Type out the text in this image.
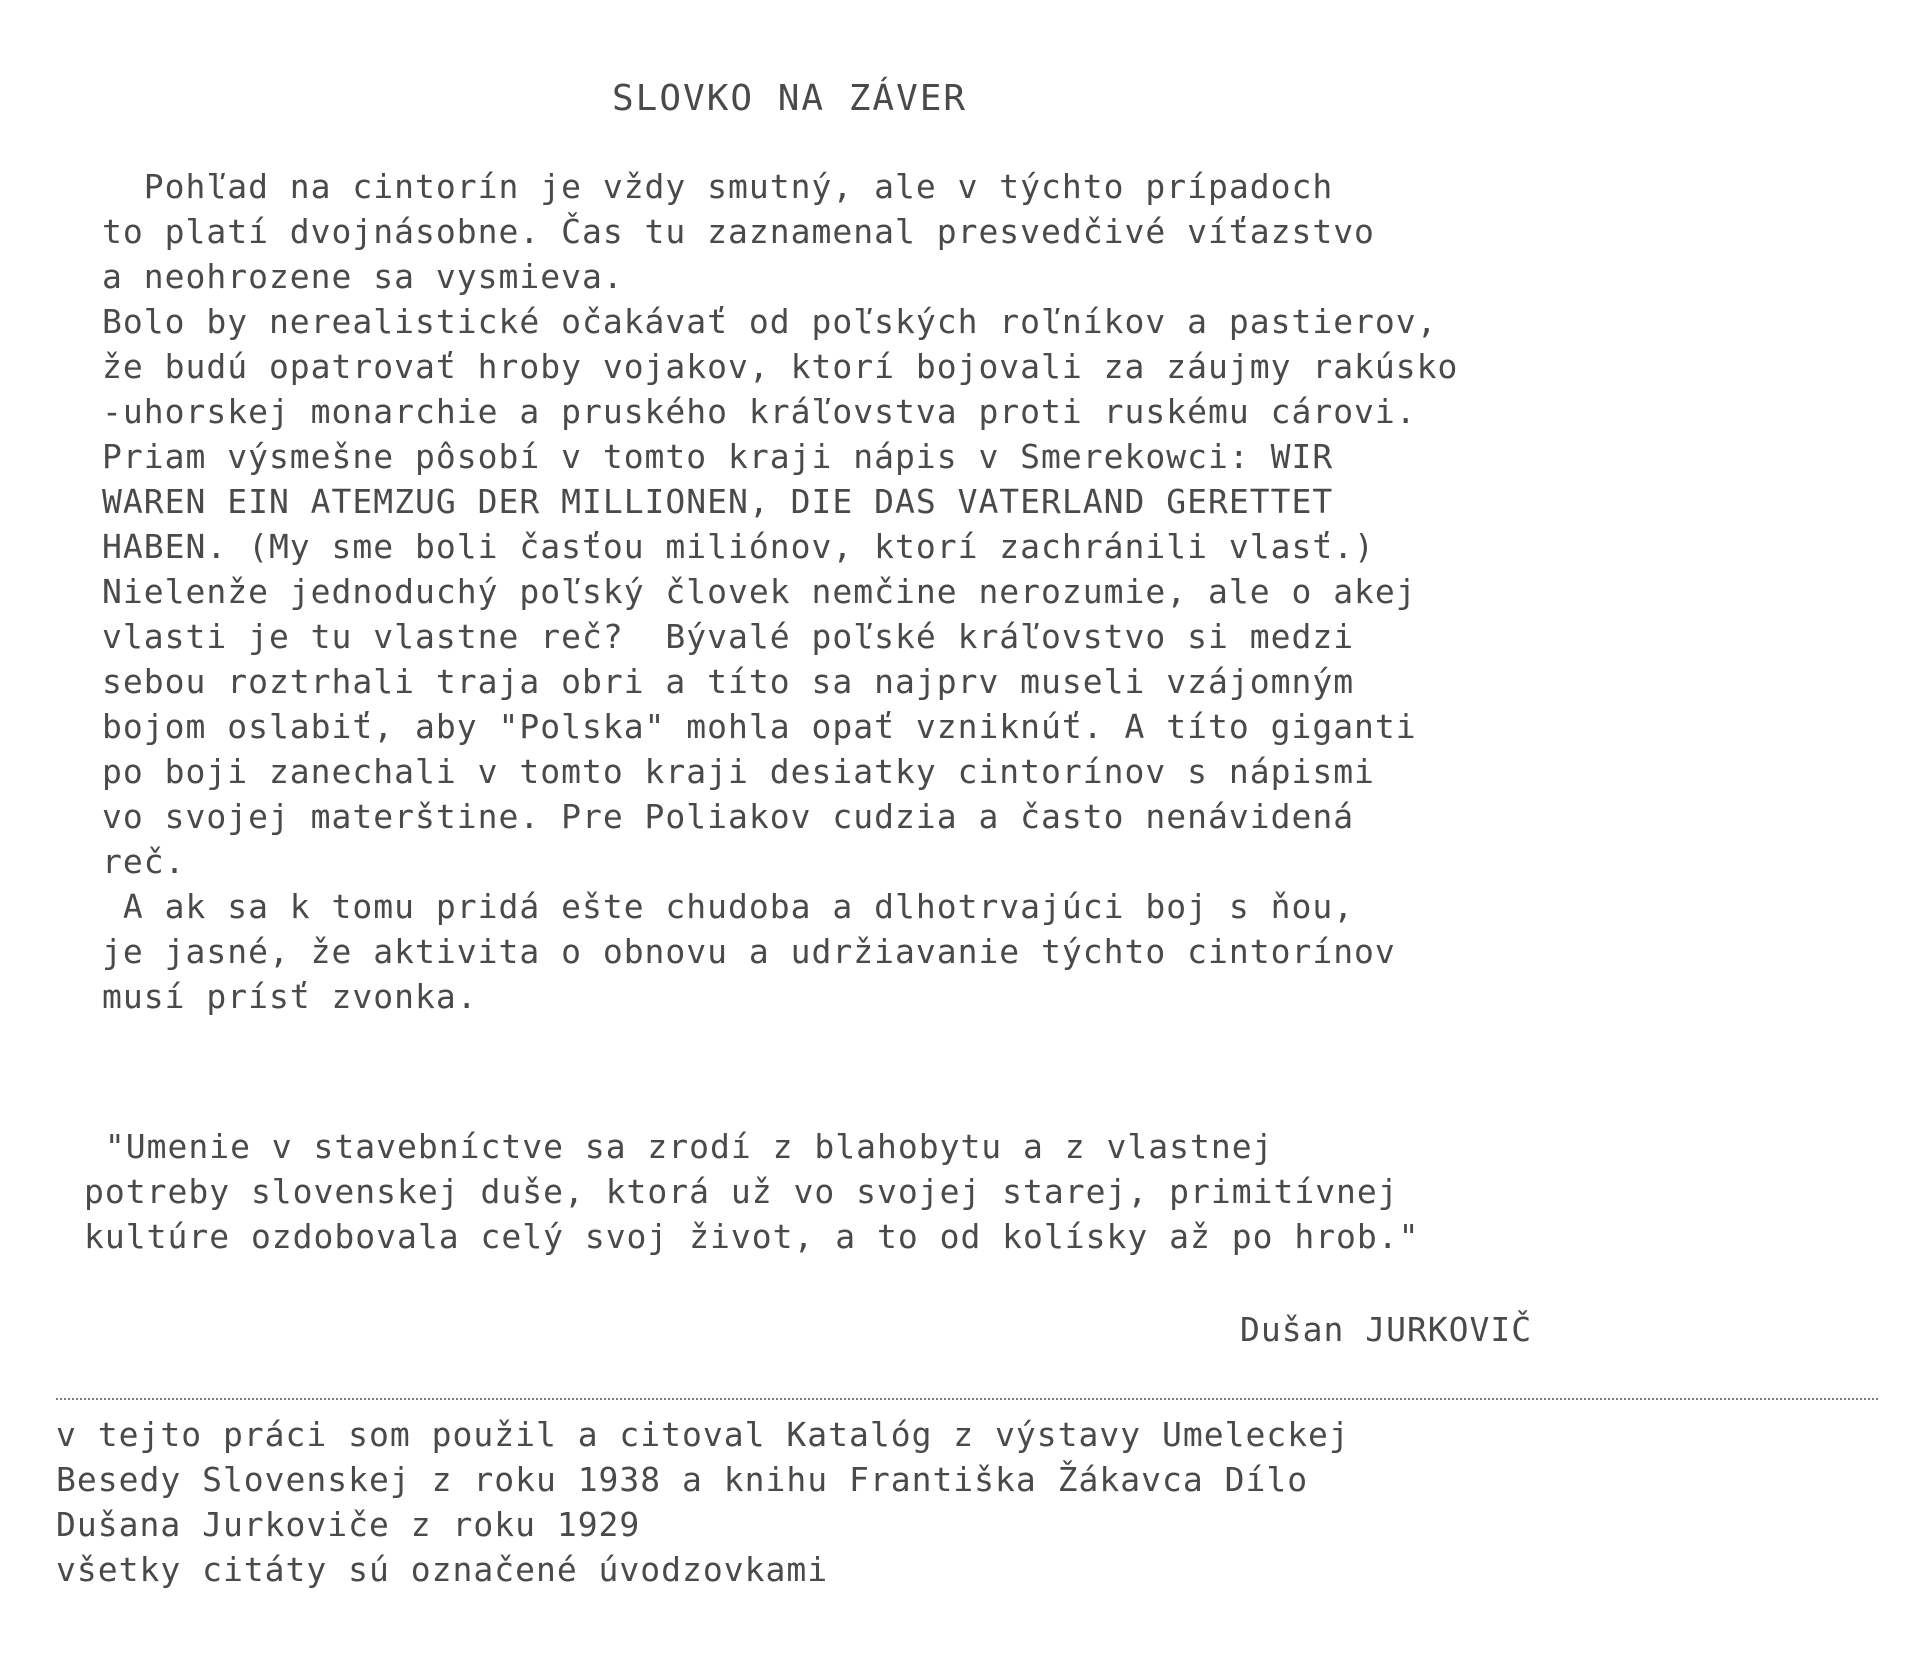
SLOVKO NA ZÁVER
Pohľad na cintorín je vždy smutný, ale v týchto prípadoch
to platí dvojnásobne. Čas tu zaznamenal presvedčivé víťazstvo
a neohrozene sa vysmieva.
Bolo by nerealistické očakávať od poľských roľníkov a pastierov,
že budú opatrovať hroby vojakov, ktorí bojovali za záujmy rakúsko
-uhorskej monarchie a pruského kráľovstva proti ruskému cárovi.
Priam výsmešne pôsobí v tomto kraji nápis v Smerekowci: WIR
WAREN EIN ATEMZUG DER MILLIONEN, DIE DAS VATERLAND GERETTET
HABEN. (My sme boli časťou miliónov, ktorí zachránili vlasť.)
Nielenže jednoduchý poľský človek nemčine nerozumie, ale o akej
vlasti je tu vlastne reč?  Bývalé poľské kráľovstvo si medzi
sebou roztrhali traja obri a títo sa najprv museli vzájomným
bojom oslabiť, aby "Polska" mohla opať vzniknúť. A títo giganti
po boji zanechali v tomto kraji desiatky cintorínov s nápismi
vo svojej materštine. Pre Poliakov cudzia a často nenávidená
reč.
A ak sa k tomu pridá ešte chudoba a dlhotrvajúci boj s ňou,
je jasné, že aktivita o obnovu a udržiavanie týchto cintorínov
musí prísť zvonka.
"Umenie v stavebníctve sa zrodí z blahobytu a z vlastnej
potreby slovenskej duše, ktorá už vo svojej starej, primitívnej
kultúre ozdobovala celý svoj život, a to od kolísky až po hrob."
Dušan JURKOVIČ
v tejto práci som použil a citoval Katalóg z výstavy Umeleckej
Besedy Slovenskej z roku 1938 a knihu Františka Žákavca Dílo
Dušana Jurkoviče z roku 1929
všetky citáty sú označené úvodzovkami
